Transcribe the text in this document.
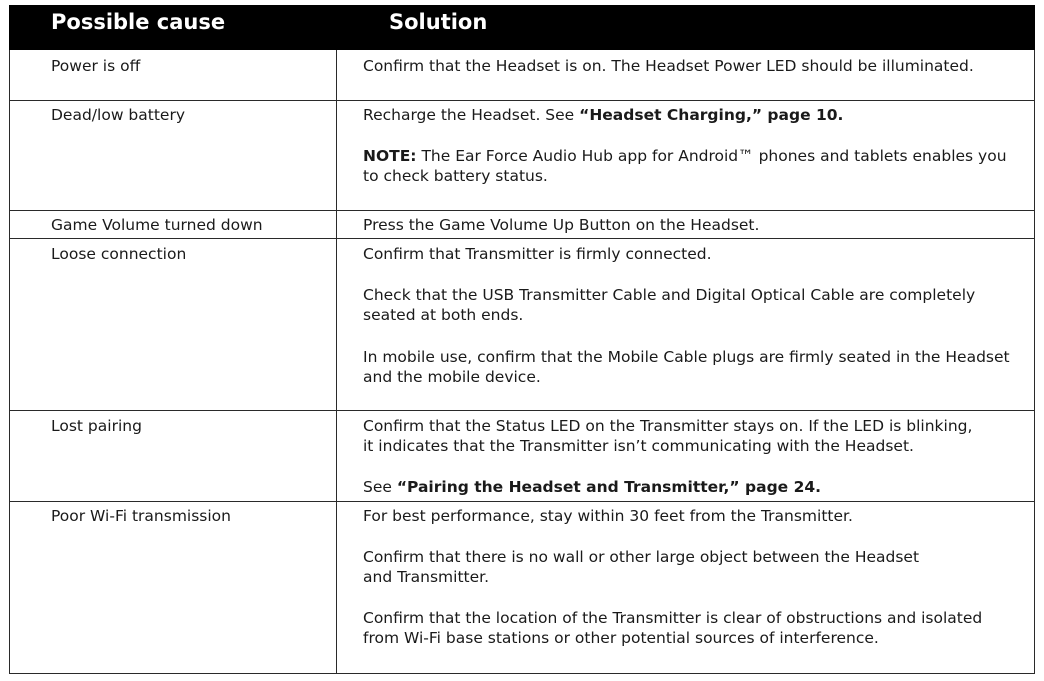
Possible cause	Solution
Power is off	Confirm that the Headset is on. The Headset Power LED should be illuminated.
Dead/low battery	Recharge the Headset. See “Headset Charging,” page 10.
NOTE: The Ear Force Audio Hub app for Android™ phones and tablets enables you
to check battery status.
Game Volume turned down	Press the Game Volume Up Button on the Headset.
Loose connection	Confirm that Transmitter is firmly connected.
Check that the USB Transmitter Cable and Digital Optical Cable are completely
seated at both ends.
In mobile use, confirm that the Mobile Cable plugs are firmly seated in the Headset
and the mobile device.
Lost pairing	Confirm that the Status LED on the Transmitter stays on. If the LED is blinking,
it indicates that the Transmitter isn’t communicating with the Headset.
See “Pairing the Headset and Transmitter,” page 24.
Poor Wi-Fi transmission	For best performance, stay within 30 feet from the Transmitter.
Confirm that there is no wall or other large object between the Headset
and Transmitter.
Confirm that the location of the Transmitter is clear of obstructions and isolated
from Wi-Fi base stations or other potential sources of interference.
